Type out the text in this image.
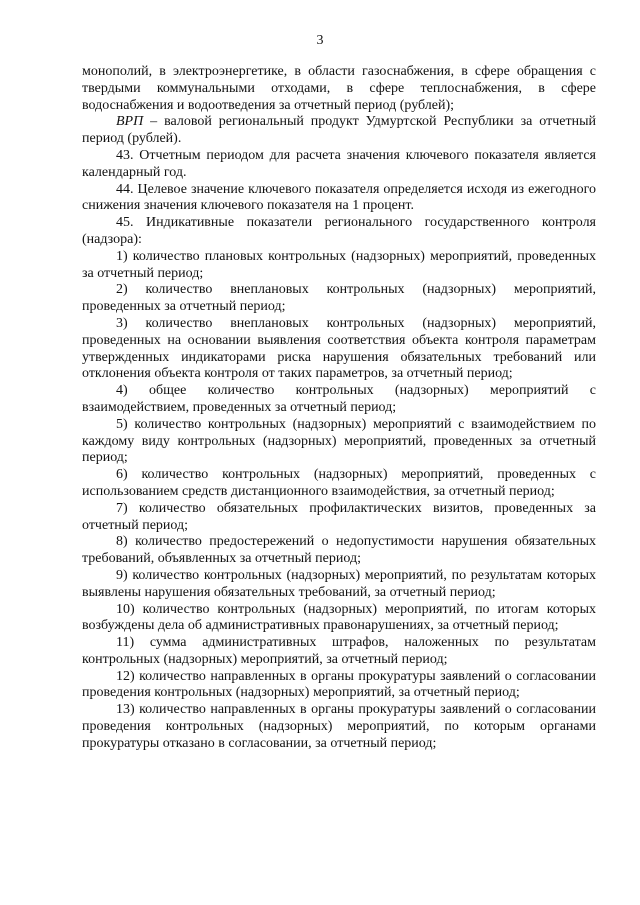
3

монополий, в электроэнергетике, в области газоснабжения, в сфере обращения с твердыми коммунальными отходами, в сфере теплоснабжения, в сфере водоснабжения и водоотведения за отчетный период (рублей);

ВРП – валовой региональный продукт Удмуртской Республики за отчетный период (рублей).

43. Отчетным периодом для расчета значения ключевого показателя является календарный год.

44. Целевое значение ключевого показателя определяется исходя из ежегодного снижения значения ключевого показателя на 1 процент.

45. Индикативные показатели регионального государственного контроля (надзора):

1) количество плановых контрольных (надзорных) мероприятий, проведенных за отчетный период;

2) количество внеплановых контрольных (надзорных) мероприятий, проведенных за отчетный период;

3) количество внеплановых контрольных (надзорных) мероприятий, проведенных на основании выявления соответствия объекта контроля параметрам утвержденных индикаторами риска нарушения обязательных требований или отклонения объекта контроля от таких параметров, за отчетный период;

4) общее количество контрольных (надзорных) мероприятий с взаимодействием, проведенных за отчетный период;

5) количество контрольных (надзорных) мероприятий с взаимодействием по каждому виду контрольных (надзорных) мероприятий, проведенных за отчетный период;

6) количество контрольных (надзорных) мероприятий, проведенных с использованием средств дистанционного взаимодействия, за отчетный период;

7) количество обязательных профилактических визитов, проведенных за отчетный период;

8) количество предостережений о недопустимости нарушения обязательных требований, объявленных за отчетный период;

9) количество контрольных (надзорных) мероприятий, по результатам которых выявлены нарушения обязательных требований, за отчетный период;

10) количество контрольных (надзорных) мероприятий, по итогам которых возбуждены дела об административных правонарушениях, за отчетный период;

11) сумма административных штрафов, наложенных по результатам контрольных (надзорных) мероприятий, за отчетный период;

12) количество направленных в органы прокуратуры заявлений о согласовании проведения контрольных (надзорных) мероприятий, за отчетный период;

13) количество направленных в органы прокуратуры заявлений о согласовании проведения контрольных (надзорных) мероприятий, по которым органами прокуратуры отказано в согласовании, за отчетный период;
